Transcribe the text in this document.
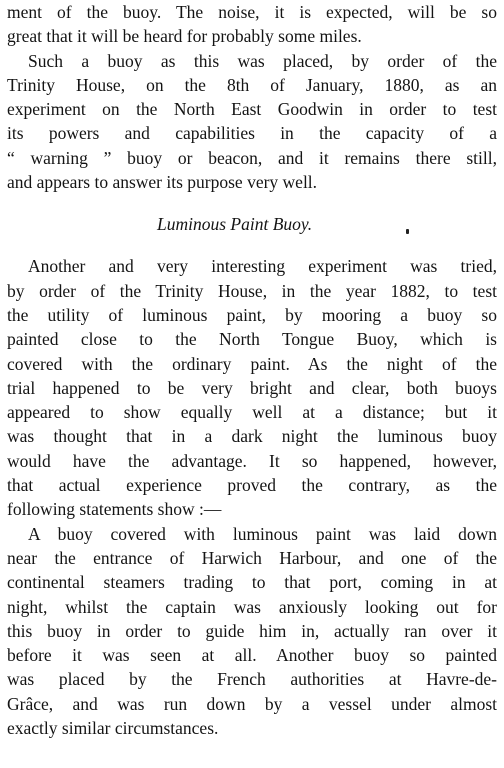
ment of the buoy. The noise, it is expected, will be so
great that it will be heard for probably some miles.
Such a buoy as this was placed, by order of the
Trinity House, on the 8th of January, 1880, as an
experiment on the North East Goodwin in order to test
its powers and capabilities in the capacity of a
“ warning ” buoy or beacon, and it remains there still,
and appears to answer its purpose very well.
Luminous Paint Buoy.
Another and very interesting experiment was tried,
by order of the Trinity House, in the year 1882, to test
the utility of luminous paint, by mooring a buoy so
painted close to the North Tongue Buoy, which is
covered with the ordinary paint. As the night of the
trial happened to be very bright and clear, both buoys
appeared to show equally well at a distance; but it
was thought that in a dark night the luminous buoy
would have the advantage. It so happened, however,
that actual experience proved the contrary, as the
following statements show :—
A buoy covered with luminous paint was laid down
near the entrance of Harwich Harbour, and one of the
continental steamers trading to that port, coming in at
night, whilst the captain was anxiously looking out for
this buoy in order to guide him in, actually ran over it
before it was seen at all. Another buoy so painted
was placed by the French authorities at Havre-de-
Grâce, and was run down by a vessel under almost
exactly similar circumstances.
